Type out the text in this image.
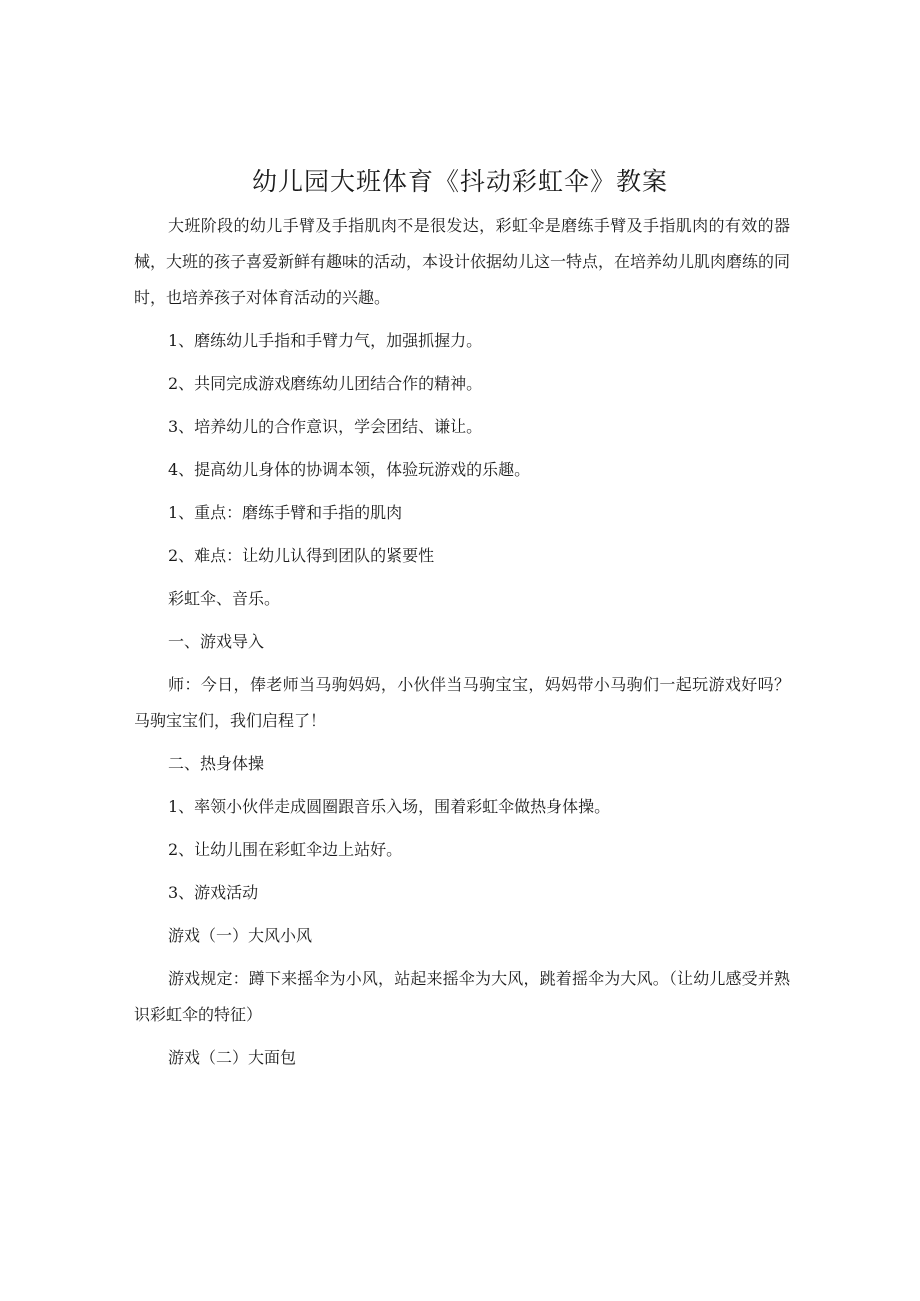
幼儿园大班体育《抖动彩虹伞》教案

大班阶段的幼儿手臂及手指肌肉不是很发达，彩虹伞是磨练手臂及手指肌肉的有效的器械，大班的孩子喜爱新鲜有趣味的活动，本设计依据幼儿这一特点，在培养幼儿肌肉磨练的同时，也培养孩子对体育活动的兴趣。

1、磨练幼儿手指和手臂力气，加强抓握力。

2、共同完成游戏磨练幼儿团结合作的精神。

3、培养幼儿的合作意识，学会团结、谦让。

4、提高幼儿身体的协调本领，体验玩游戏的乐趣。

1、重点：磨练手臂和手指的肌肉

2、难点：让幼儿认得到团队的紧要性

彩虹伞、音乐。

一、游戏导入

师：今日，俸老师当马驹妈妈，小伙伴当马驹宝宝，妈妈带小马驹们一起玩游戏好吗？马驹宝宝们，我们启程了！

二、热身体操

1、率领小伙伴走成圆圈跟音乐入场，围着彩虹伞做热身体操。

2、让幼儿围在彩虹伞边上站好。

3、游戏活动

游戏（一）大风小风

游戏规定：蹲下来摇伞为小风，站起来摇伞为大风，跳着摇伞为大风。（让幼儿感受并熟识彩虹伞的特征）

游戏（二）大面包
